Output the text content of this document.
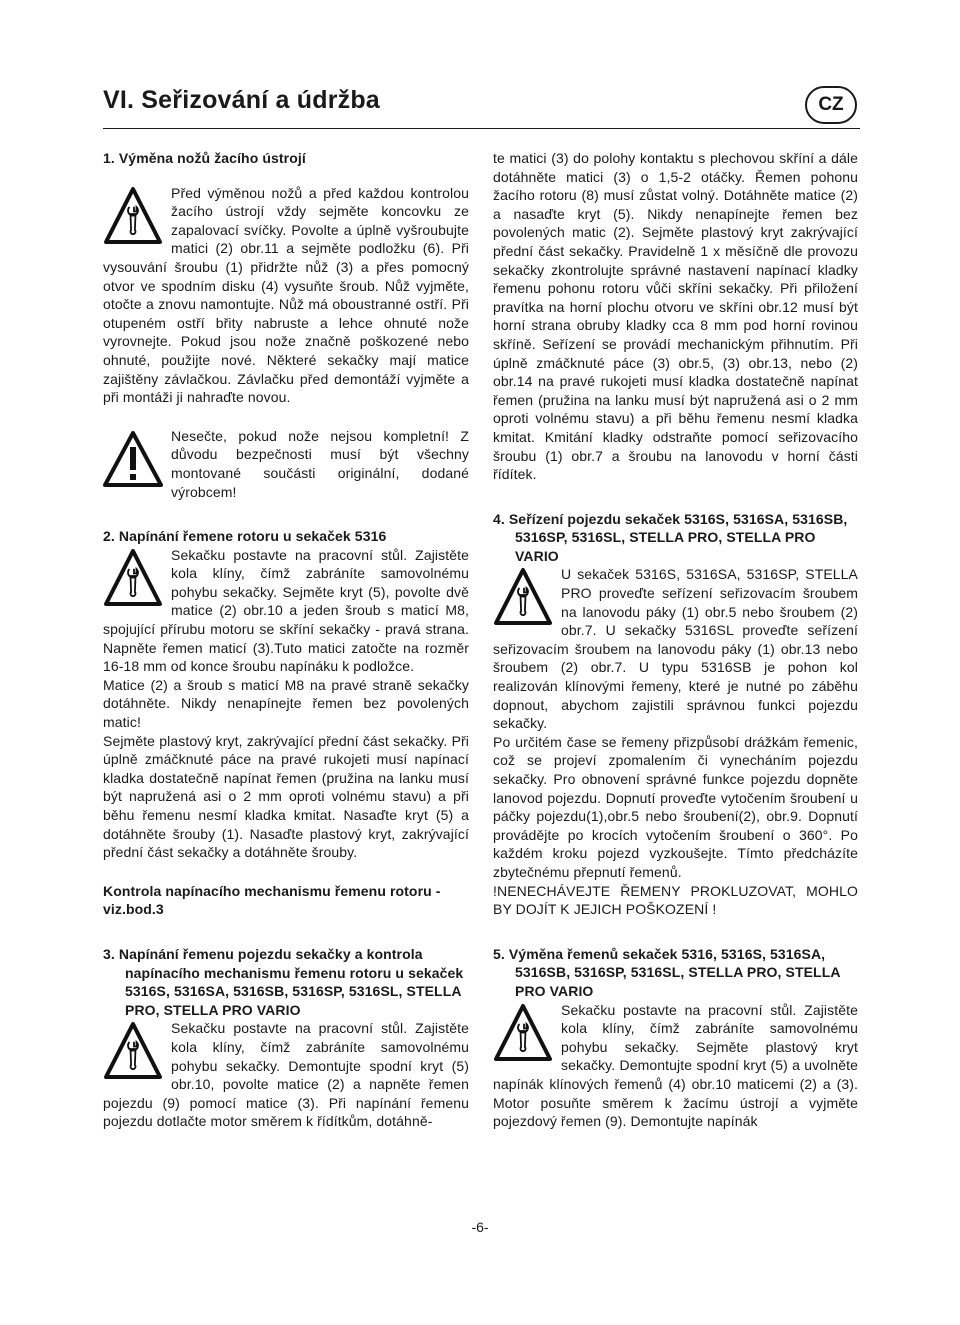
VI. Seřizování a údržba	CZ
1. Výměna nožů žacího ústrojí

Před výměnou nožů a před každou kontrolou žacího ústrojí vždy sejměte koncovku ze zapalovací svíčky. Povolte a úplně vyšroubujte matici (2) obr.11 a sejměte podložku (6). Při vysouvání šroubu (1) přidržte nůž (3) a přes pomocný otvor ve spodním disku (4) vysuňte šroub. Nůž vyjměte, otočte a znovu namontujte. Nůž má oboustranné ostří. Při otupeném ostří břity nabruste a lehce ohnuté nože vyrovnejte. Pokud jsou nože značně poškozené nebo ohnuté, použijte nové. Některé sekačky mají matice zajištěny závlačkou. Závlačku před demontáží vyjměte a při montáži ji nahraďte novou.

Nesečte, pokud nože nejsou kompletní! Z důvodu bezpečnosti musí být všechny montované součásti originální, dodané výrobcem!

2. Napínání řemene rotoru u sekaček 5316

Sekačku postavte na pracovní stůl. Zajistěte kola klíny, čímž zabráníte samovolnému pohybu sekačky. Sejměte kryt (5), povolte dvě matice (2) obr.10 a jeden šroub s maticí M8, spojující přírubu motoru se skříní sekačky - pravá strana. Napněte řemen maticí (3).Tuto matici zatočte na rozměr 16-18 mm od konce šroubu napínáku k podložce.

Matice (2) a šroub s maticí M8 na pravé straně sekačky dotáhněte. Nikdy nenapínejte řemen bez povolených matic!

Sejměte plastový kryt, zakrývající přední část sekačky. Při úplně zmáčknuté páce na pravé rukojeti musí napínací kladka dostatečně napínat řemen (pružina na lanku musí být napružená asi o 2 mm oproti volnému stavu) a při běhu řemenu nesmí kladka kmitat. Nasaďte kryt (5) a dotáhněte šrouby (1). Nasaďte plastový kryt, zakrývající přední část sekačky a dotáhněte šrouby.

Kontrola napínacího mechanismu řemenu rotoru - viz.bod.3
3. Napínání řemenu pojezdu sekačky a kontrola napínacího mechanismu řemenu rotoru u sekaček 5316S, 5316SA, 5316SB, 5316SP, 5316SL, STELLA PRO, STELLA PRO VARIO

Sekačku postavte na pracovní stůl. Zajistěte kola klíny, čímž zabráníte samovolnému pohybu sekačky. Demontujte spodní kryt (5) obr.10, povolte matice (2) a napněte řemen pojezdu (9) pomocí matice (3). Při napínání řemenu pojezdu dotlačte motor směrem k řídítkům, dotáhně-

te matici (3) do polohy kontaktu s plechovou skříní a dále dotáhněte matici (3) o 1,5-2 otáčky. Řemen pohonu žacího rotoru (8) musí zůstat volný. Dotáhněte matice (2) a nasaďte kryt (5). Nikdy nenapínejte řemen bez povolených matic (2). Sejměte plastový kryt zakrývající přední část sekačky. Pravidelně 1 x měsíčně dle provozu sekačky zkontrolujte správné nastavení napínací kladky řemenu pohonu rotoru vůči skříni sekačky. Při přiložení pravítka na horní plochu otvoru ve skříni obr.12 musí být horní strana obruby kladky cca 8 mm pod horní rovinou skříně. Seřízení se provádí mechanickým přihnutím. Při úplně zmáčknuté páce (3) obr.5, (3) obr.13, nebo (2) obr.14 na pravé rukojeti musí kladka dostatečně napínat řemen (pružina na lanku musí být napružená asi o 2 mm oproti volnému stavu) a při běhu řemenu nesmí kladka kmitat. Kmitání kladky odstraňte pomocí seřizovacího šroubu (1) obr.7 a šroubu na lanovodu v horní části řídítek.

4. Seřízení pojezdu sekaček 5316S, 5316SA, 5316SB, 5316SP, 5316SL, STELLA PRO, STELLA PRO VARIO

U sekaček 5316S, 5316SA, 5316SP, STELLA PRO proveďte seřízení seřizovacím šroubem na lanovodu páky (1) obr.5 nebo šroubem (2) obr.7. U sekačky 5316SL proveďte seřízení seřizovacím šroubem na lanovodu páky (1) obr.13 nebo šroubem (2) obr.7. U typu 5316SB je pohon kol realizován klínovými řemeny, které je nutné po záběhu dopnout, abychom zajistili správnou funkci pojezdu sekačky.

Po určitém čase se řemeny přizpůsobí drážkám řemenic, což se projeví zpomalením či vynecháním pojezdu sekačky. Pro obnovení správné funkce pojezdu dopněte lanovod pojezdu. Dopnutí proveďte vytočením šroubení u páčky pojezdu(1),obr.5 nebo šroubení(2), obr.9. Dopnutí provádějte po krocích vytočením šroubení o 360°. Po každém kroku pojezd vyzkoušejte. Tímto předcházíte zbytečnému přepnutí řemenů.

!NENECHÁVEJTE ŘEMENY PROKLUZOVAT, MOHLO BY DOJÍT K JEJICH POŠKOZENÍ !

5. Výměna řemenů sekaček 5316, 5316S, 5316SA, 5316SB, 5316SP, 5316SL, STELLA PRO, STELLA PRO VARIO

Sekačku postavte na pracovní stůl. Zajistěte kola klíny, čímž zabráníte samovolnému pohybu sekačky. Sejměte plastový kryt sekačky. Demontujte spodní kryt (5) a uvolněte napínák klínových řemenů (4) obr.10 maticemi (2) a (3). Motor posuňte směrem k žacímu ústrojí a vyjměte pojezdový řemen (9). Demontujte napínák

-6-
